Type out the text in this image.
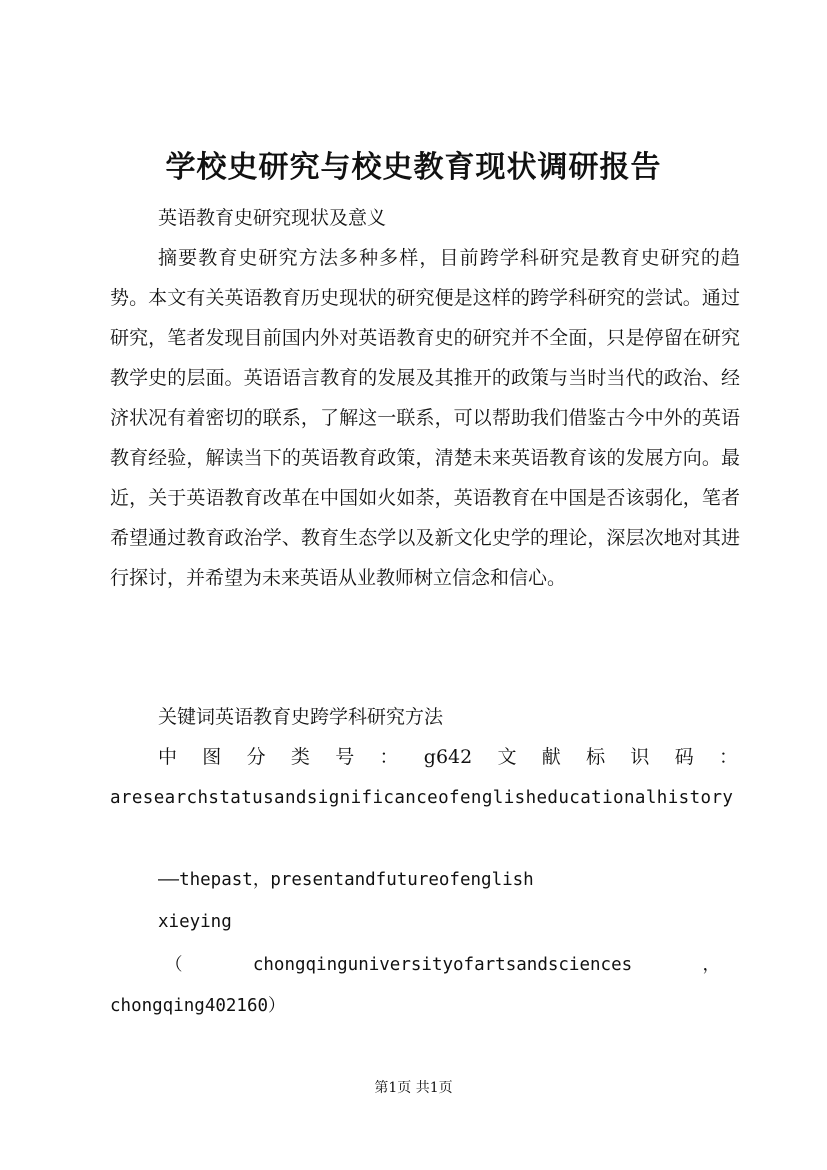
学校史研究与校史教育现状调研报告

英语教育史研究现状及意义

摘要教育史研究方法多种多样，目前跨学科研究是教育史研究的趋势。本文有关英语教育历史现状的研究便是这样的跨学科研究的尝试。通过研究，笔者发现目前国内外对英语教育史的研究并不全面，只是停留在研究教学史的层面。英语语言教育的发展及其推开的政策与当时当代的政治、经济状况有着密切的联系，了解这一联系，可以帮助我们借鉴古今中外的英语教育经验，解读当下的英语教育政策，清楚未来英语教育该的发展方向。最近，关于英语教育改革在中国如火如荼，英语教育在中国是否该弱化，笔者希望通过教育政治学、教育生态学以及新文化史学的理论，深层次地对其进行探讨，并希望为未来英语从业教师树立信念和信心。

关键词英语教育史跨学科研究方法

中 图 分 类 号 ： g642 文 献 标 识 码 ：

aresearchstatusandsignificanceofenglisheducationalhistory

——thepast，presentandfutureofenglish

xieying

（	chongqinguniversityofartsandsciences	，

chongqing402160）

第1页 共1页
